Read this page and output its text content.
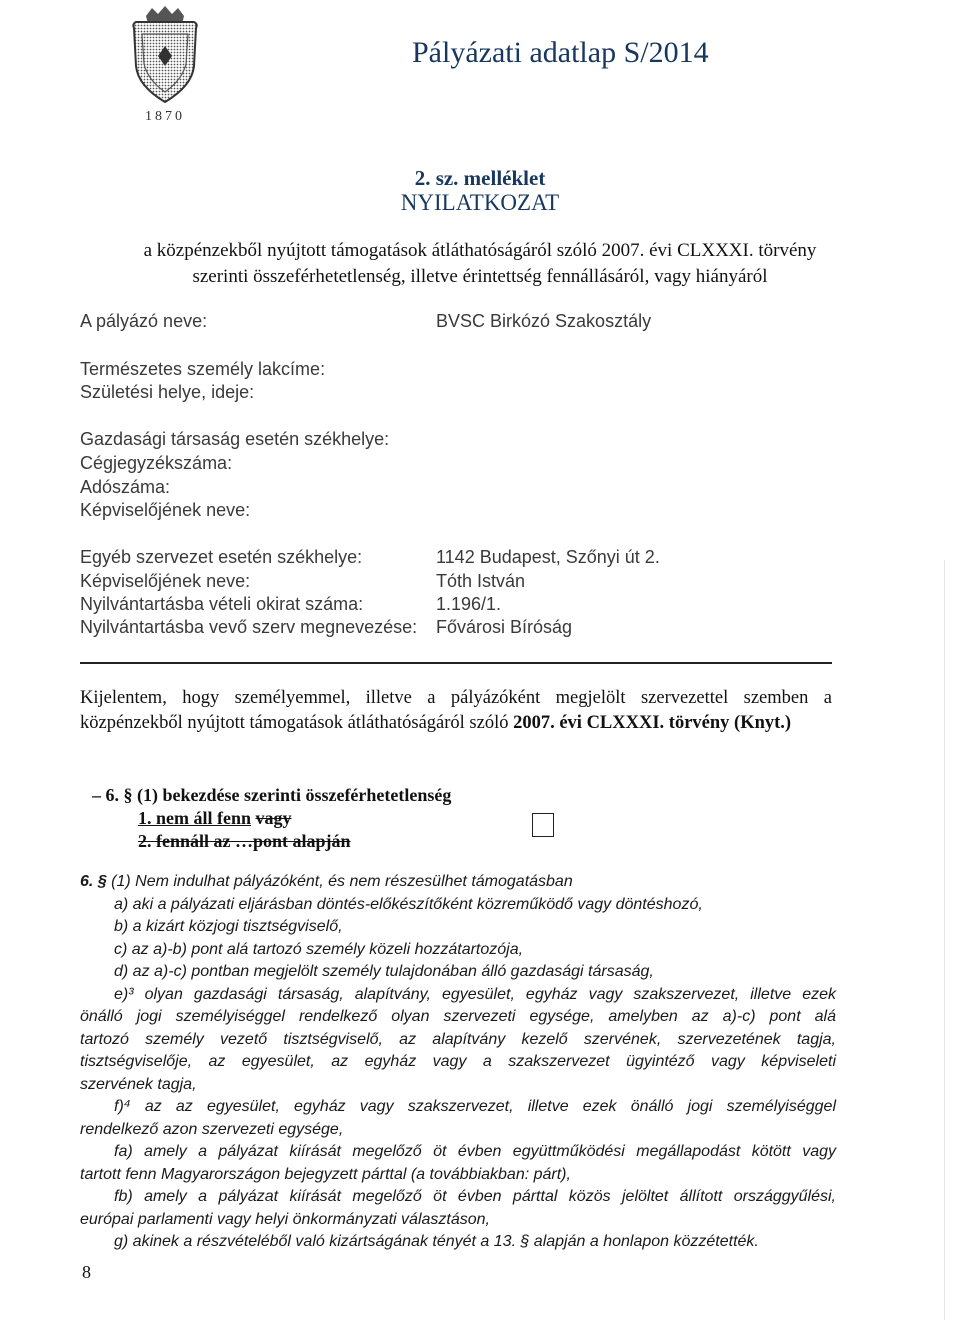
1870
Pályázati adatlap S/2014
2. sz. melléklet
NYILATKOZAT
a közpénzekből nyújtott támogatások átláthatóságáról szóló 2007. évi CLXXXI. törvény
szerinti összeférhetetlenség, illetve érintettség fennállásáról, vagy hiányáról
A pályázó neve:	BVSC Birkózó Szakosztály
Természetes személy lakcíme:
Születési helye, ideje:
Gazdasági társaság esetén székhelye:
Cégjegyzékszáma:
Adószáma:
Képviselőjének neve:
Egyéb szervezet esetén székhelye:	1142 Budapest, Szőnyi út 2.
Képviselőjének neve:	Tóth István
Nyilvántartásba vételi okirat száma:	1.196/1.
Nyilvántartásba vevő szerv megnevezése: Fővárosi Bíróság
Kijelentem, hogy személyemmel, illetve a pályázóként megjelölt szervezettel szemben a közpénzekből nyújtott támogatások átláthatóságáról szóló 2007. évi CLXXXI. törvény (Knyt.)
– 6. § (1) bekezdése szerinti összeférhetetlenség
1. nem áll fenn vagy
2. fennáll az …pont alapján
6. § (1) Nem indulhat pályázóként, és nem részesülhet támogatásban
a) aki a pályázati eljárásban döntés-előkészítőként közreműködő vagy döntéshozó,
b) a kizárt közjogi tisztségviselő,
c) az a)-b) pont alá tartozó személy közeli hozzátartozója,
d) az a)-c) pontban megjelölt személy tulajdonában álló gazdasági társaság,
e)³ olyan gazdasági társaság, alapítvány, egyesület, egyház vagy szakszervezet, illetve ezek
önálló jogi személyiséggel rendelkező olyan szervezeti egysége, amelyben az a)-c) pont alá
tartozó személy vezető tisztségviselő, az alapítvány kezelő szervének, szervezetének tagja,
tisztségviselője, az egyesület, az egyház vagy a szakszervezet ügyintéző vagy képviseleti
szervének tagja,
f)⁴ az az egyesület, egyház vagy szakszervezet, illetve ezek önálló jogi személyiséggel
rendelkező azon szervezeti egysége,
fa) amely a pályázat kiírását megelőző öt évben együttműködési megállapodást kötött vagy
tartott fenn Magyarországon bejegyzett párttal (a továbbiakban: párt),
fb) amely a pályázat kiírását megelőző öt évben párttal közös jelöltet állított országgyűlési,
európai parlamenti vagy helyi önkormányzati választáson,
g) akinek a részvételéből való kizártságának tényét a 13. § alapján a honlapon közzétették.
8
